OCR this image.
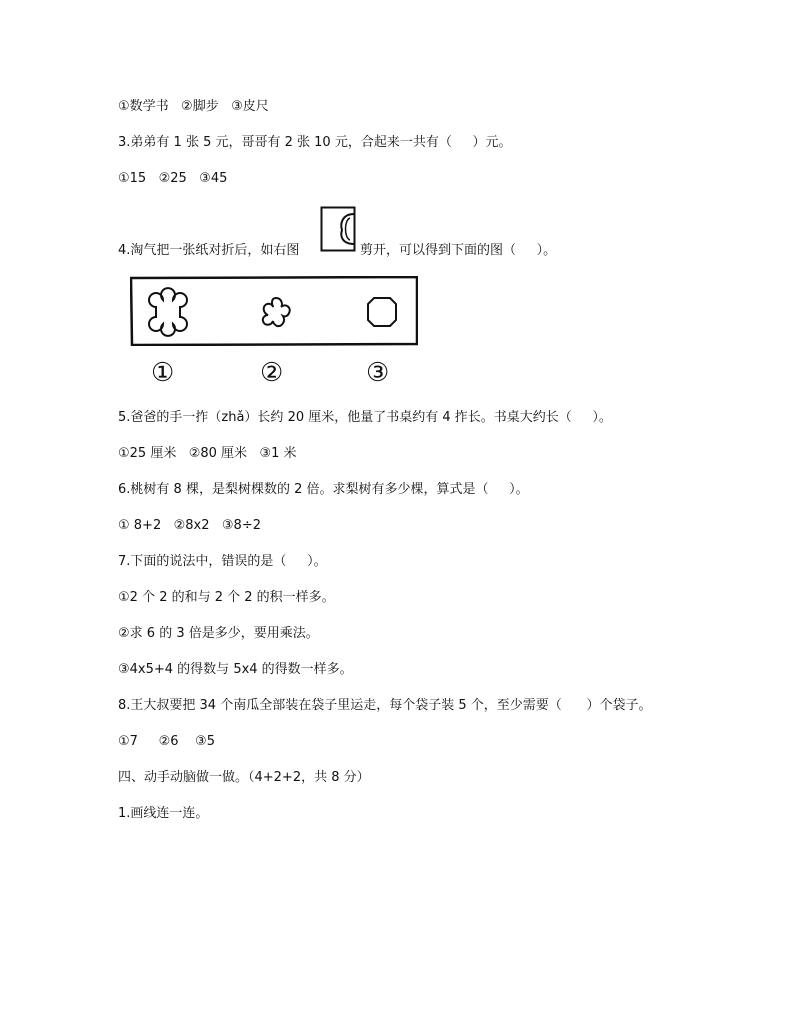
①数学书   ②脚步   ③皮尺
3.弟弟有 1 张 5 元，哥哥有 2 张 10 元，合起来一共有（     ）元。
①15   ②25   ③45
4.淘气把一张纸对折后，如右图	剪开，可以得到下面的图（     ）。
①	②	③
5.爸爸的手一拃（zhǎ）长约 20 厘米，他量了书桌约有 4 拃长。书桌大约长（     ）。
①25 厘米   ②80 厘米   ③1 米
6.桃树有 8 棵，是梨树棵数的 2 倍。求梨树有多少棵，算式是（     ）。
① 8+2   ②8x2   ③8÷2
7.下面的说法中，错误的是（     ）。
①2 个 2 的和与 2 个 2 的积一样多。
②求 6 的 3 倍是多少，要用乘法。
③4x5+4 的得数与 5x4 的得数一样多。
8.王大叔要把 34 个南瓜全部装在袋子里运走，每个袋子装 5 个，至少需要（      ）个袋子。
①7     ②6    ③5
四、动手动脑做一做。（4+2+2，共 8 分）
1.画线连一连。
